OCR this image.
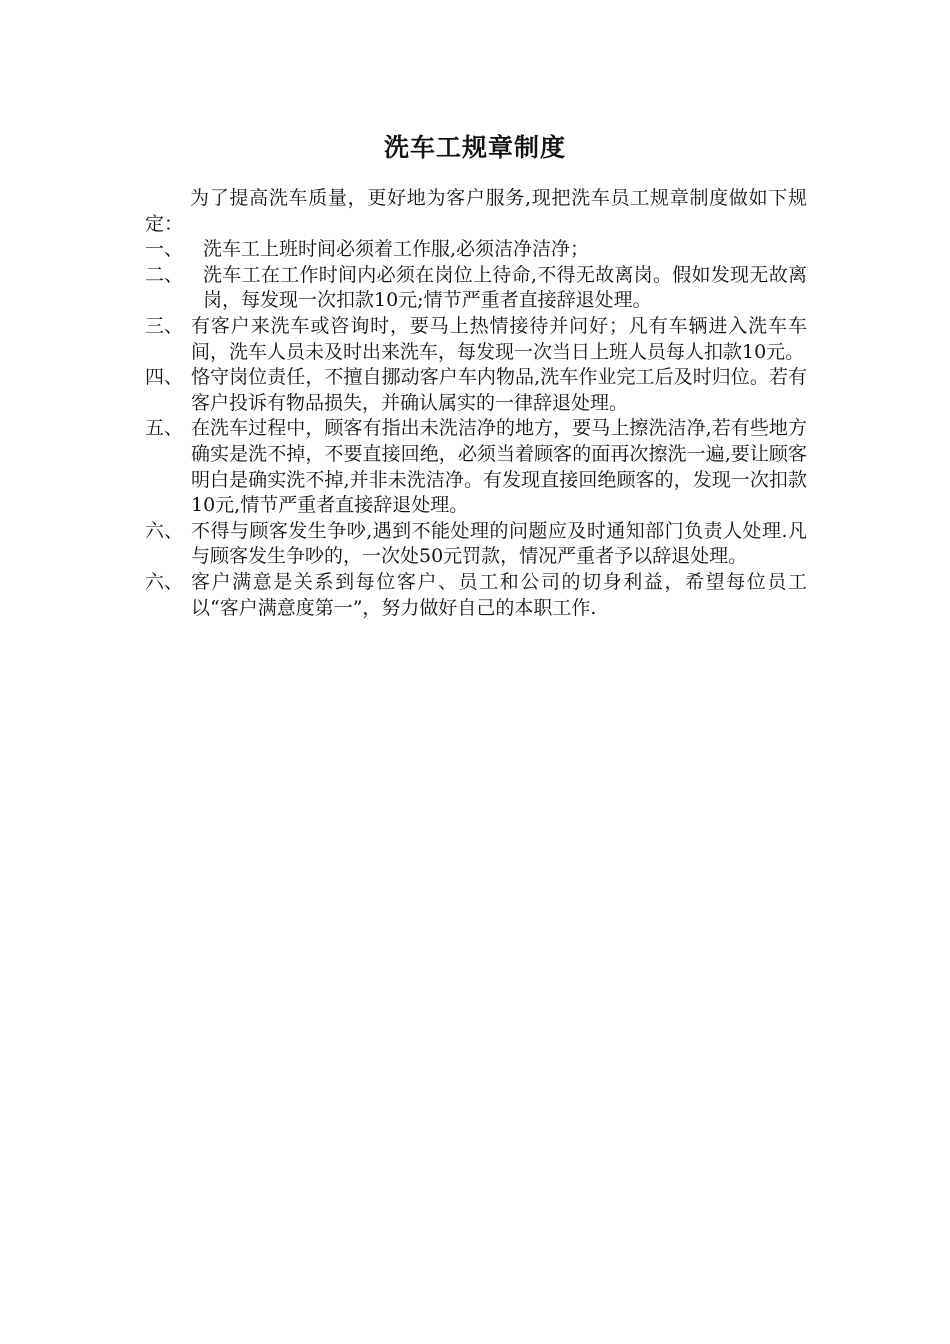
洗车工规章制度

为了提高洗车质量，更好地为客户服务,现把洗车员工规章制度做如下规定：

一、	洗车工上班时间必须着工作服,必须洁净洁净；
二、	洗车工在工作时间内必须在岗位上待命,不得无故离岗。假如发现无故离岗，每发现一次扣款10元;情节严重者直接辞退处理。
三、 有客户来洗车或咨询时，要马上热情接待并问好；凡有车辆进入洗车车间，洗车人员未及时出来洗车，每发现一次当日上班人员每人扣款10元。
四、 恪守岗位责任，不擅自挪动客户车内物品,洗车作业完工后及时归位。若有客户投诉有物品损失，并确认属实的一律辞退处理。
五、 在洗车过程中，顾客有指出未洗洁净的地方，要马上擦洗洁净,若有些地方确实是洗不掉，不要直接回绝，必须当着顾客的面再次擦洗一遍,要让顾客明白是确实洗不掉,并非未洗洁净。有发现直接回绝顾客的，发现一次扣款10元,情节严重者直接辞退处理。
六、 不得与顾客发生争吵,遇到不能处理的问题应及时通知部门负责人处理.凡与顾客发生争吵的，一次处50元罚款，情况严重者予以辞退处理。
六、 客户满意是关系到每位客户、员工和公司的切身利益，希望每位员工以“客户满意度第一”，努力做好自己的本职工作.
